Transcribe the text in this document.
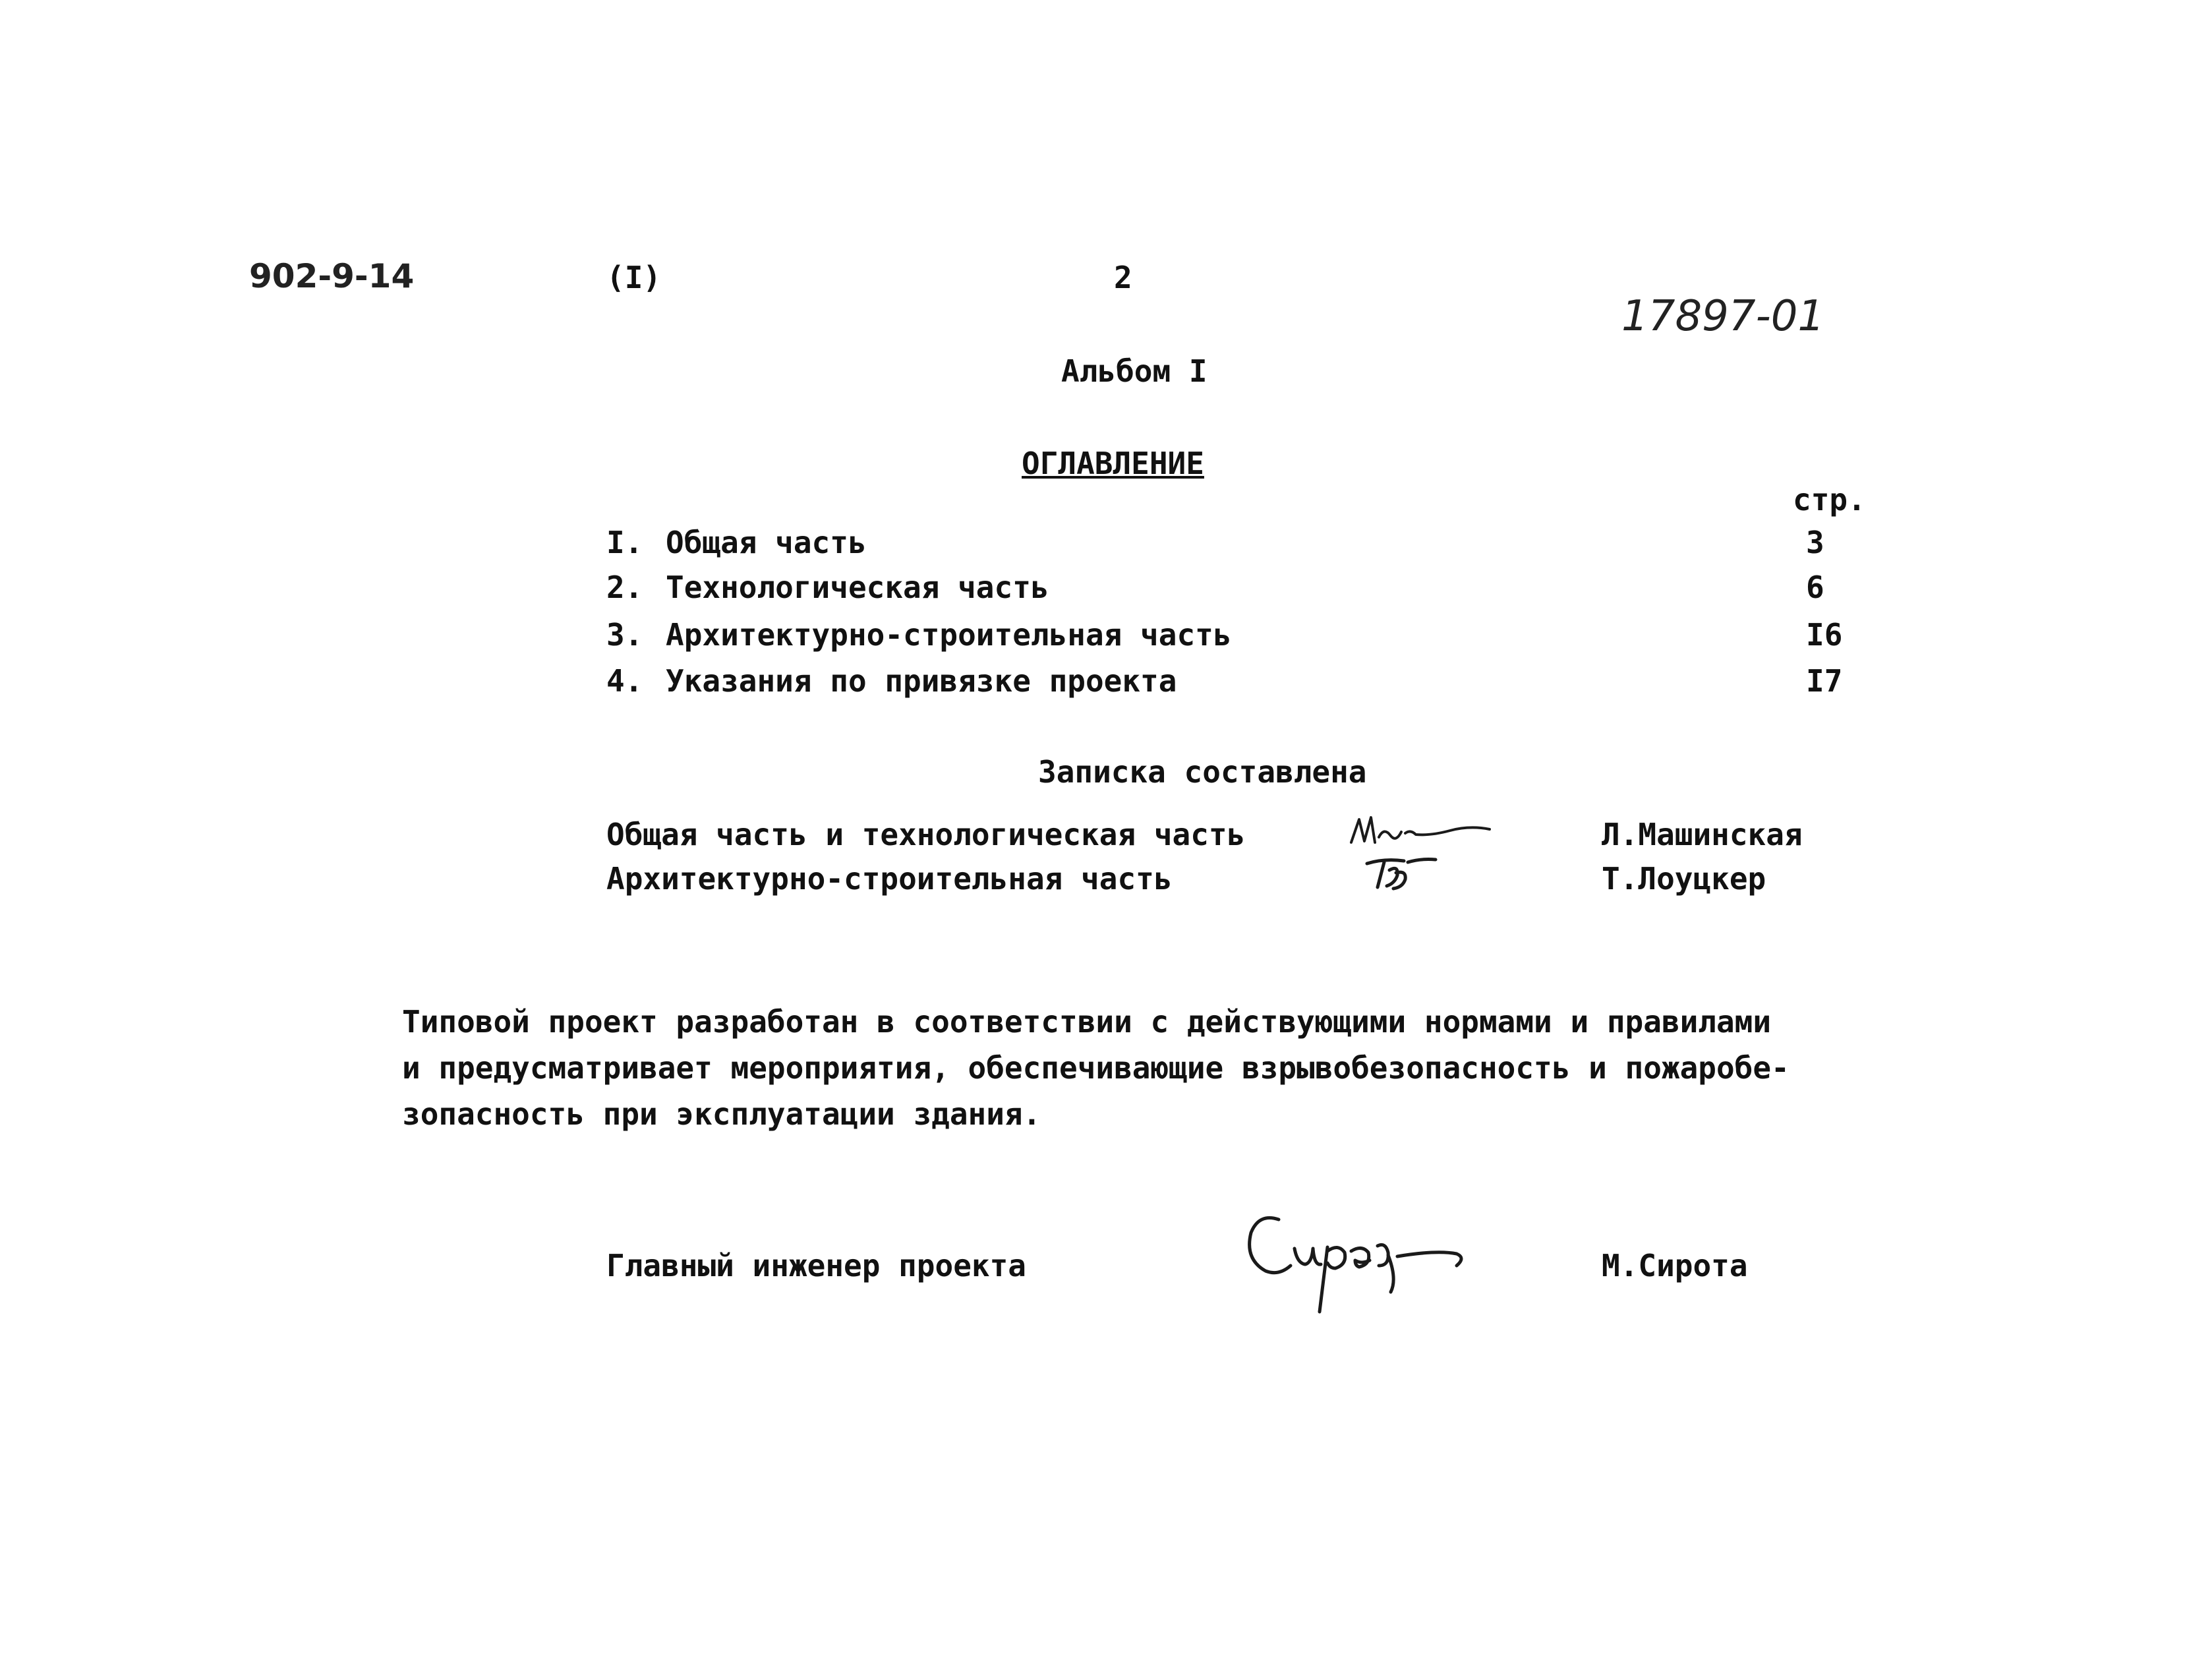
902-9-14	(I)	2
17897-01
Альбом I
ОГЛАВЛЕНИЕ
стр.
I. Общая часть	3
2. Технологическая часть	6
3. Архитектурно-строительная часть	I6
4. Указания по привязке проекта	I7
Записка составлена
Общая часть и технологическая часть	Л.Машинская
Архитектурно-строительная часть	Т.Лоуцкер
Типовой проект разработан в соответствии с действующими нормами и правилами
и предусматривает мероприятия, обеспечивающие взрывобезопасность и пожаробе-
зопасность при эксплуатации здания.
Главный инженер проекта	М.Сирота
